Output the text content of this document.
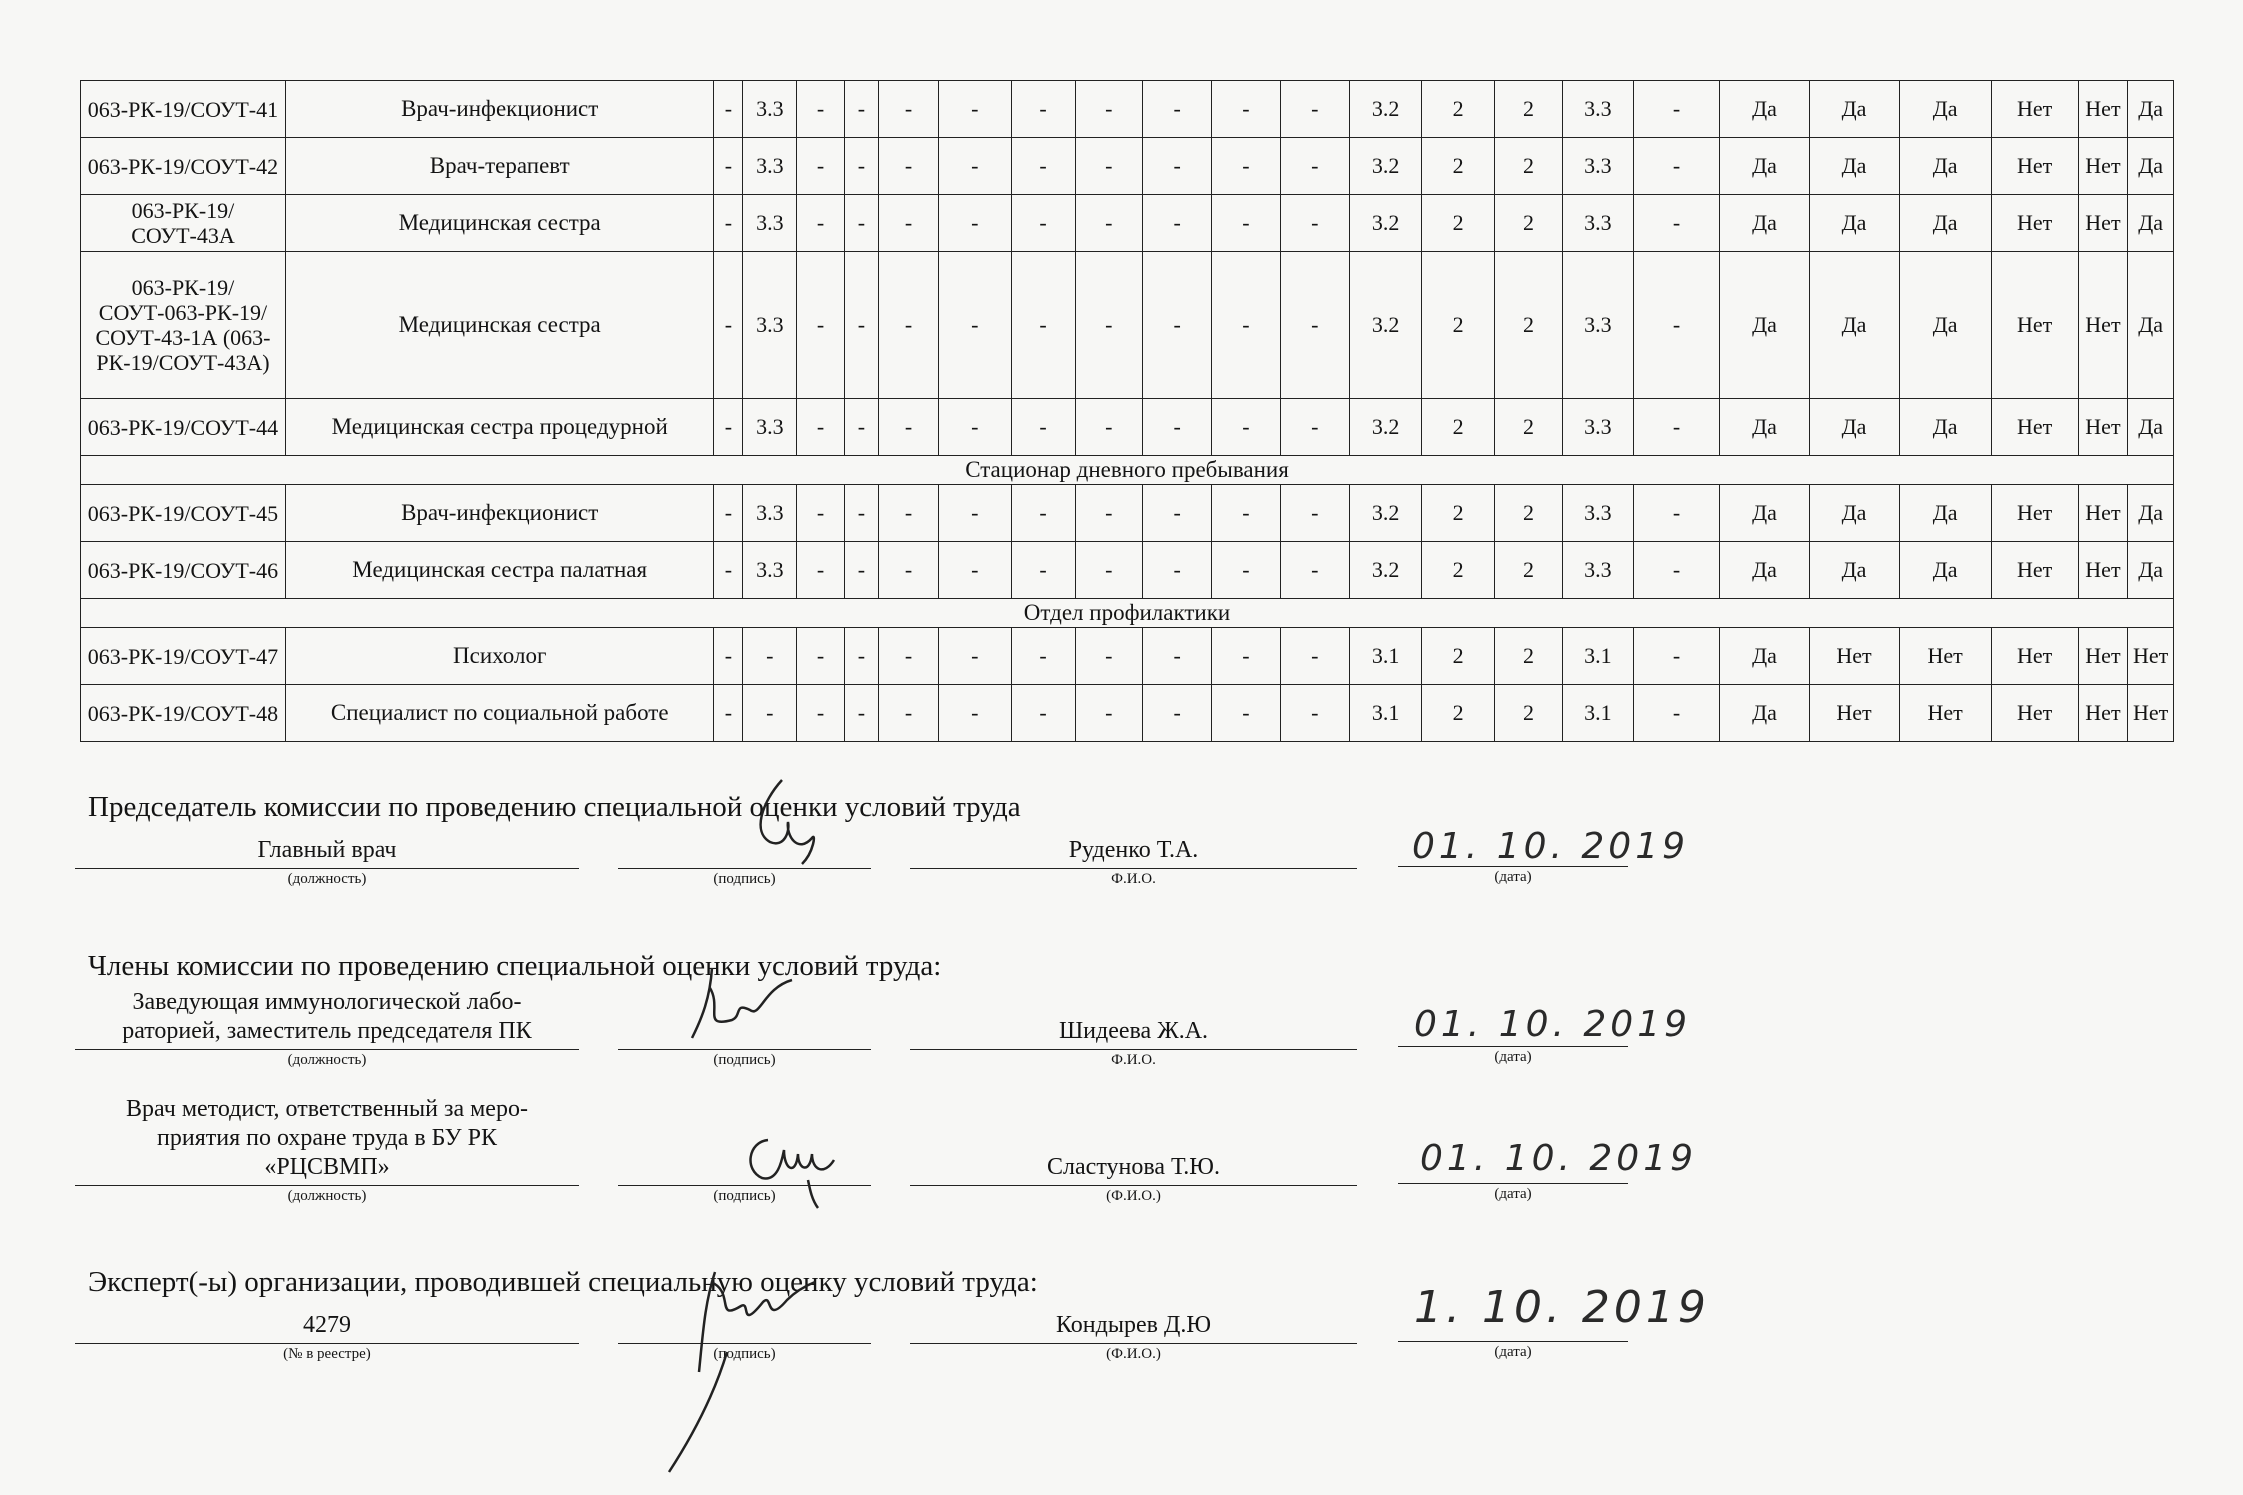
063-РК-19/СОУТ-41	Врач-инфекционист	-	3.3	-	-	-	-	-	-	-	-	-	3.2	2	2	3.3	-	Да	Да	Да	Нет	Нет	Да
063-РК-19/СОУТ-42	Врач-терапевт	-	3.3	-	-	-	-	-	-	-	-	-	3.2	2	2	3.3	-	Да	Да	Да	Нет	Нет	Да
063-РК-19/СОУТ-43А	Медицинская сестра	-	3.3	-	-	-	-	-	-	-	-	-	3.2	2	2	3.3	-	Да	Да	Да	Нет	Нет	Да
063-РК-19/СОУТ-063-РК-19/СОУТ-43-1А (063-РК-19/СОУТ-43А)	Медицинская сестра	-	3.3	-	-	-	-	-	-	-	-	-	3.2	2	2	3.3	-	Да	Да	Да	Нет	Нет	Да
063-РК-19/СОУТ-44	Медицинская сестра процедурной	-	3.3	-	-	-	-	-	-	-	-	-	3.2	2	2	3.3	-	Да	Да	Да	Нет	Нет	Да
Стационар дневного пребывания																							
063-РК-19/СОУТ-45	Врач-инфекционист	-	3.3	-	-	-	-	-	-	-	-	-	3.2	2	2	3.3	-	Да	Да	Да	Нет	Нет	Да
063-РК-19/СОУТ-46	Медицинская сестра палатная	-	3.3	-	-	-	-	-	-	-	-	-	3.2	2	2	3.3	-	Да	Да	Да	Нет	Нет	Да
Отдел профилактики																							
063-РК-19/СОУТ-47	Психолог	-	-	-	-	-	-	-	-	-	-	-	3.1	2	2	3.1	-	Да	Нет	Нет	Нет	Нет	Нет
063-РК-19/СОУТ-48	Специалист по социальной работе	-	-	-	-	-	-	-	-	-	-	-	3.1	2	2	3.1	-	Да	Нет	Нет	Нет	Нет	Нет
Председатель комиссии по проведению специальной оценки условий труда
Главный врач
(должность)	(подпись)
Руденко Т.А.
Ф.И.О.	(дата)
01. 10. 2019
Члены комиссии по проведению специальной оценки условий труда:
Заведующая иммунологической лабо-
раторией, заместитель председателя ПК
(должность)	(подпись)
Шидеева Ж.А.
Ф.И.О.	(дата)
01. 10. 2019
Врач методист, ответственный за меро-
приятия по охране труда в БУ РК
«РЦСВМП»
(должность)	(подпись)
Сластунова Т.Ю.
(Ф.И.О.)	(дата)
01. 10. 2019
Эксперт(-ы) организации, проводившей специальную оценку условий труда:
4279
(№ в реестре)	(подпись)
Кондырев Д.Ю
(Ф.И.О.)	(дата)
1. 10. 2019
